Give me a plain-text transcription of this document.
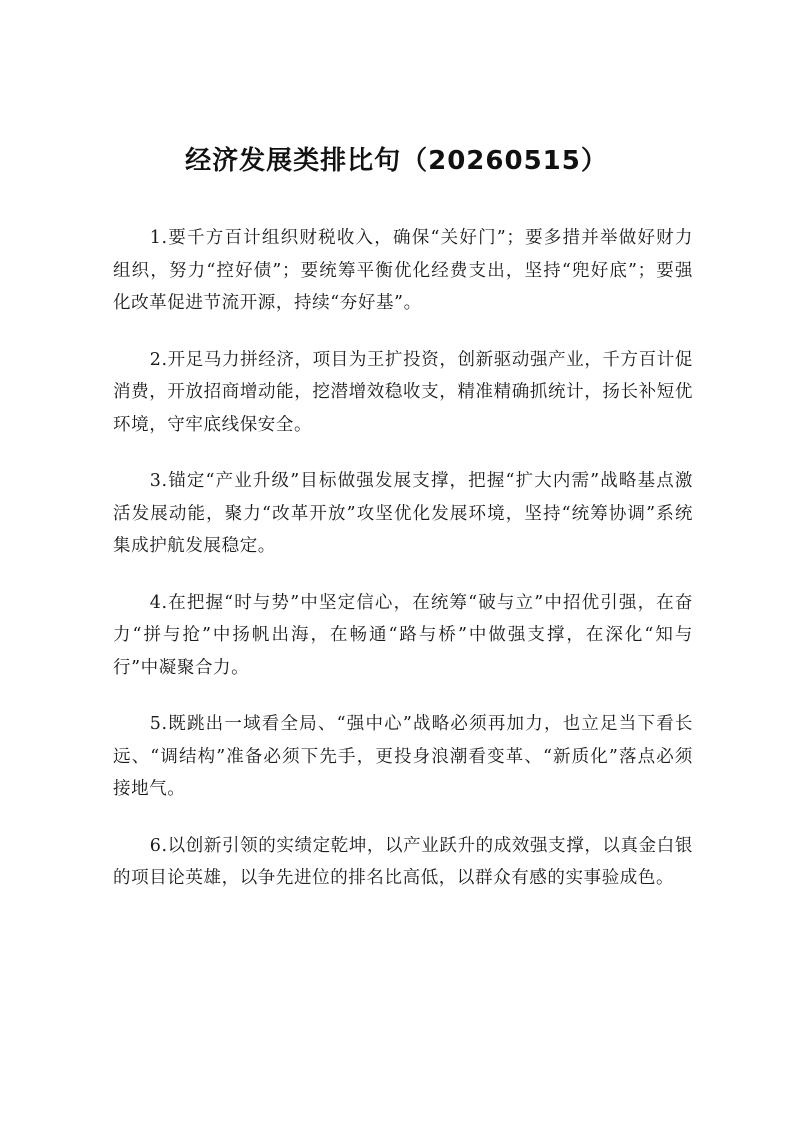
经济发展类排比句（20260515）

1.要千方百计组织财税收入，确保“关好门”；要多措并举做好财力组织，努力“控好债”；要统筹平衡优化经费支出，坚持“兜好底”；要强化改革促进节流开源，持续“夯好基”。

2.开足马力拼经济，项目为王扩投资，创新驱动强产业，千方百计促消费，开放招商增动能，挖潜增效稳收支，精准精确抓统计，扬长补短优环境，守牢底线保安全。

3.锚定“产业升级”目标做强发展支撑，把握“扩大内需”战略基点激活发展动能，聚力“改革开放”攻坚优化发展环境，坚持“统筹协调”系统集成护航发展稳定。

4.在把握“时与势”中坚定信心，在统筹“破与立”中招优引强，在奋力“拼与抢”中扬帆出海，在畅通“路与桥”中做强支撑，在深化“知与行”中凝聚合力。

5.既跳出一域看全局、“强中心”战略必须再加力，也立足当下看长远、“调结构”准备必须下先手，更投身浪潮看变革、“新质化”落点必须接地气。

6.以创新引领的实绩定乾坤，以产业跃升的成效强支撑，以真金白银的项目论英雄，以争先进位的排名比高低，以群众有感的实事验成色。
